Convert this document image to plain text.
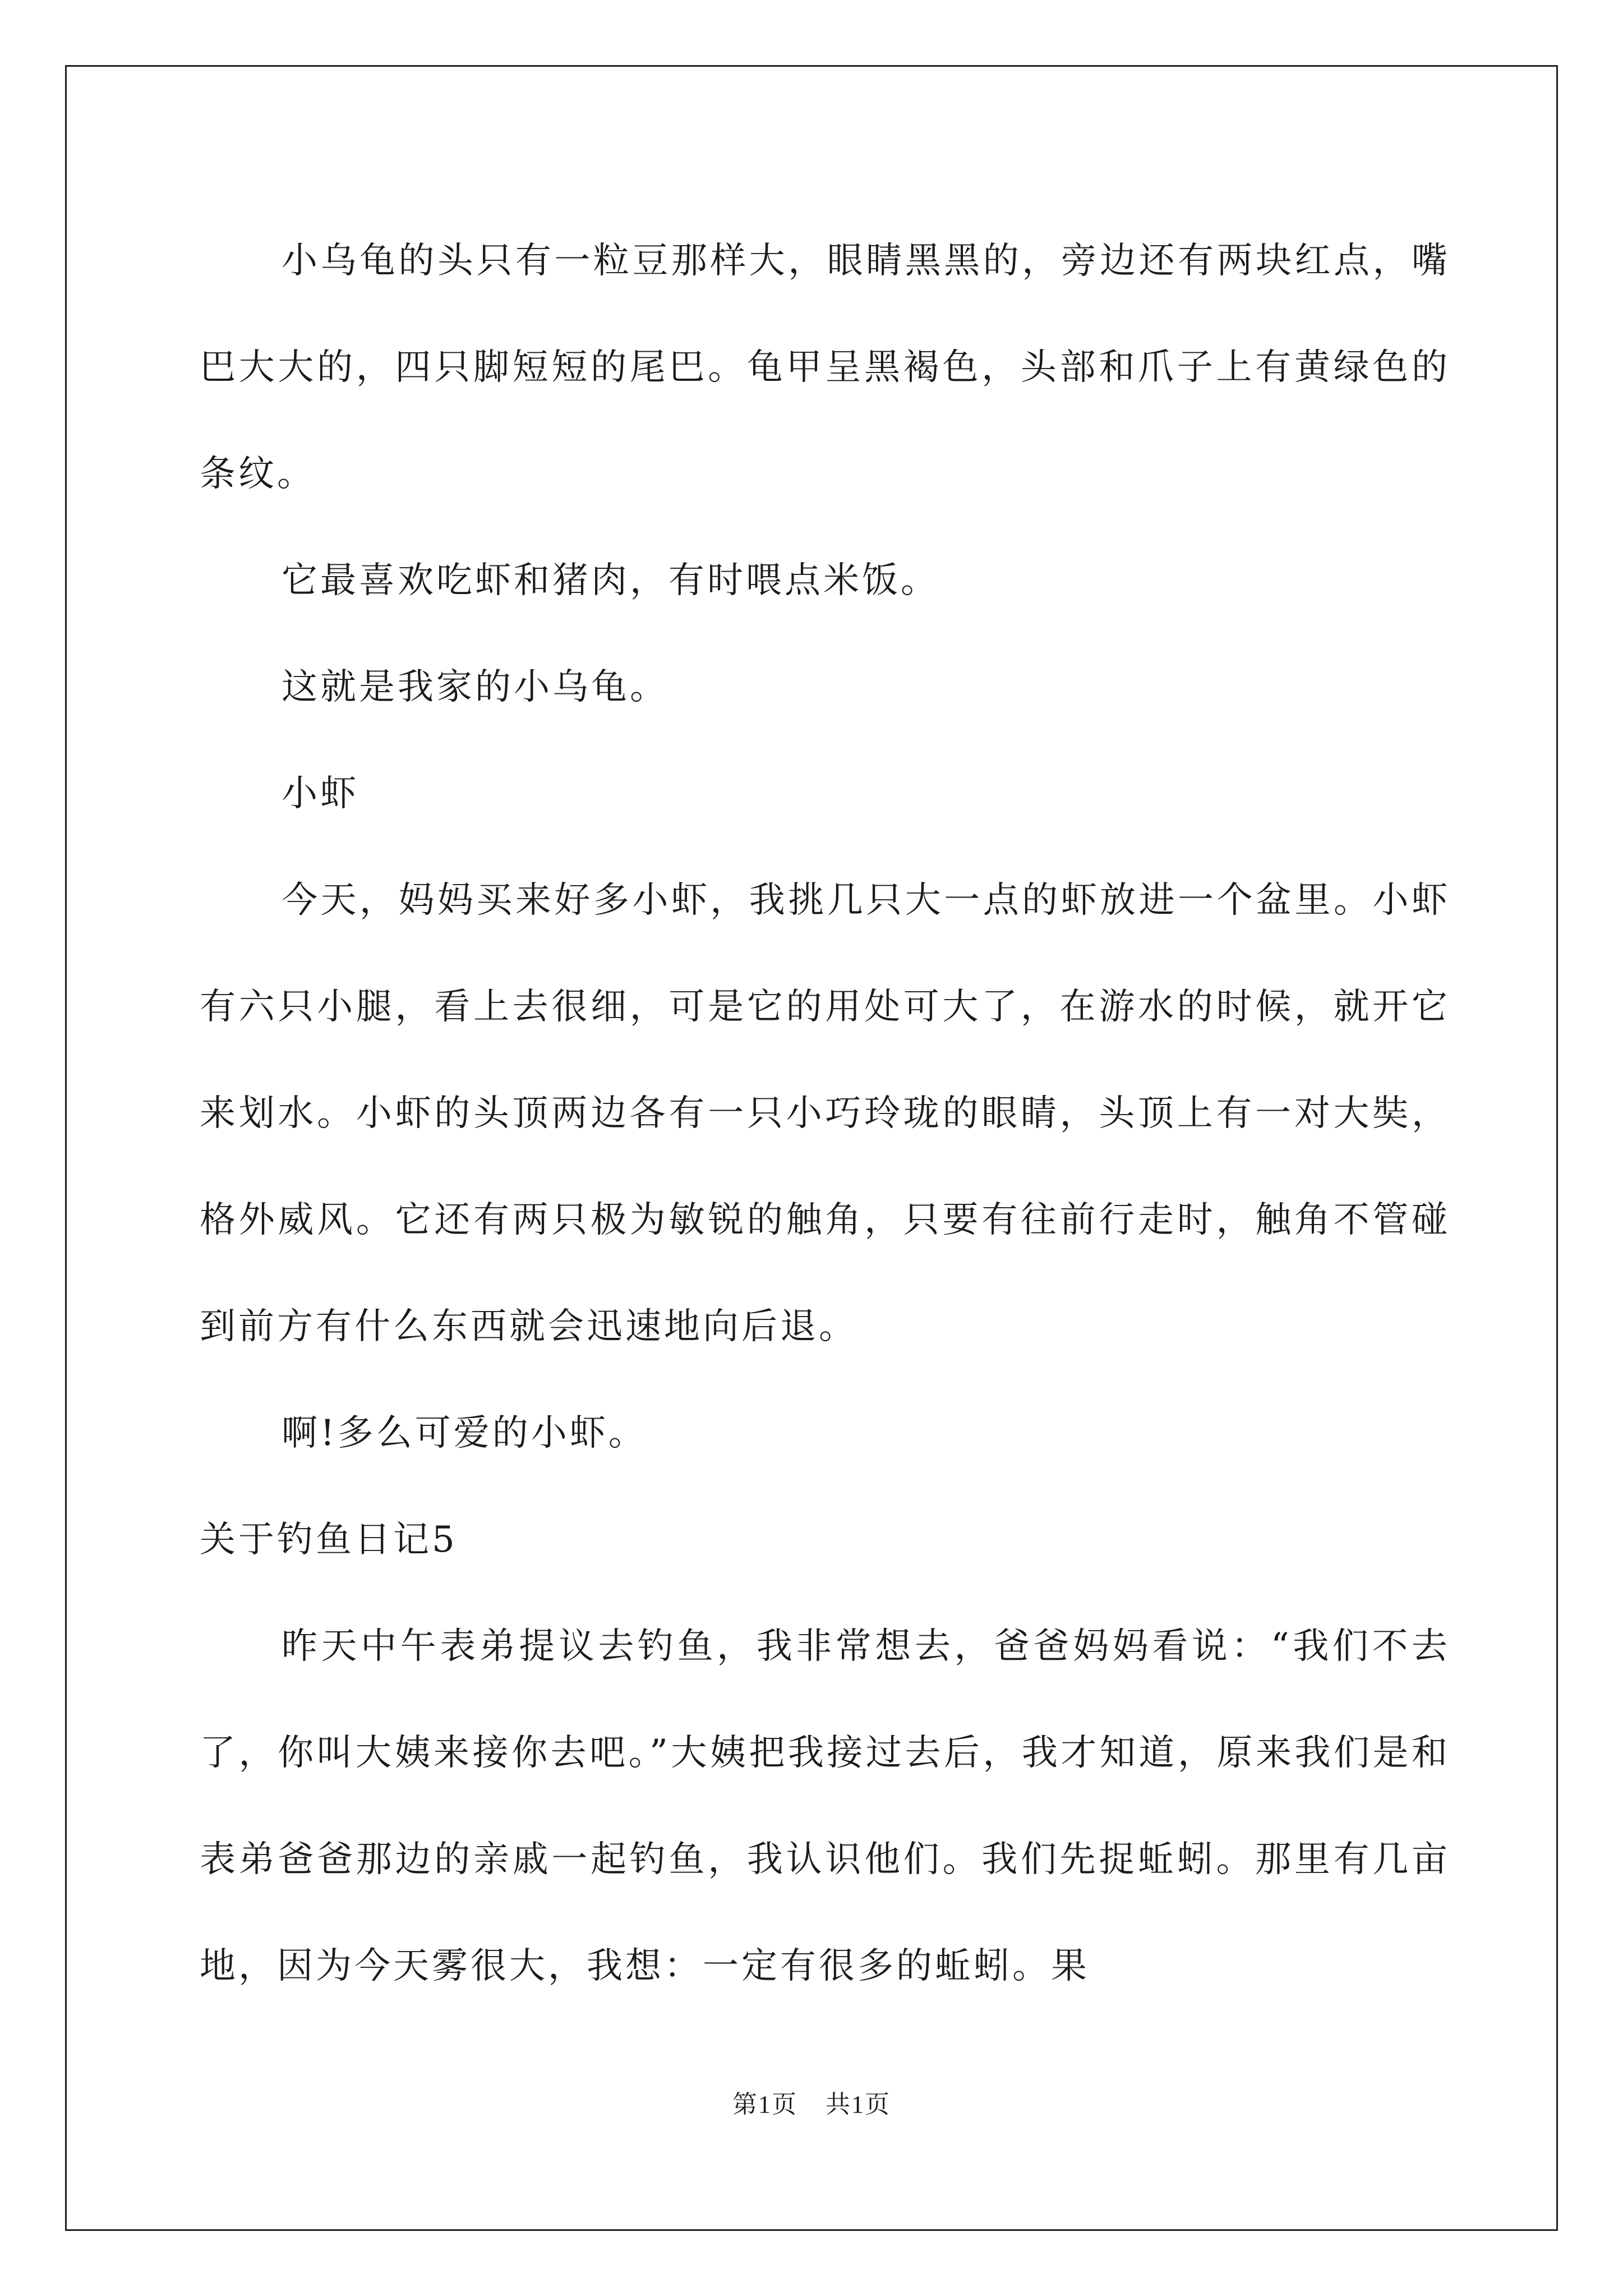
小乌龟的头只有一粒豆那样大，眼睛黑黑的，旁边还有两块红点，嘴巴大大的，四只脚短短的尾巴。龟甲呈黑褐色，头部和爪子上有黄绿色的条纹。

它最喜欢吃虾和猪肉，有时喂点米饭。

这就是我家的小乌龟。

小虾

今天，妈妈买来好多小虾，我挑几只大一点的虾放进一个盆里。小虾有六只小腿，看上去很细，可是它的用处可大了，在游水的时候，就开它来划水。小虾的头顶两边各有一只小巧玲珑的眼睛，头顶上有一对大奘，格外威风。它还有两只极为敏锐的触角，只要有往前行走时，触角不管碰到前方有什么东西就会迅速地向后退。

啊!多么可爱的小虾。

关于钓鱼日记5

昨天中午表弟提议去钓鱼，我非常想去，爸爸妈妈看说：“我们不去了，你叫大姨来接你去吧。”大姨把我接过去后，我才知道，原来我们是和表弟爸爸那边的亲戚一起钓鱼，我认识他们。我们先捉蚯蚓。那里有几亩地，因为今天雾很大，我想：一定有很多的蚯蚓。果

第1页 共1页
